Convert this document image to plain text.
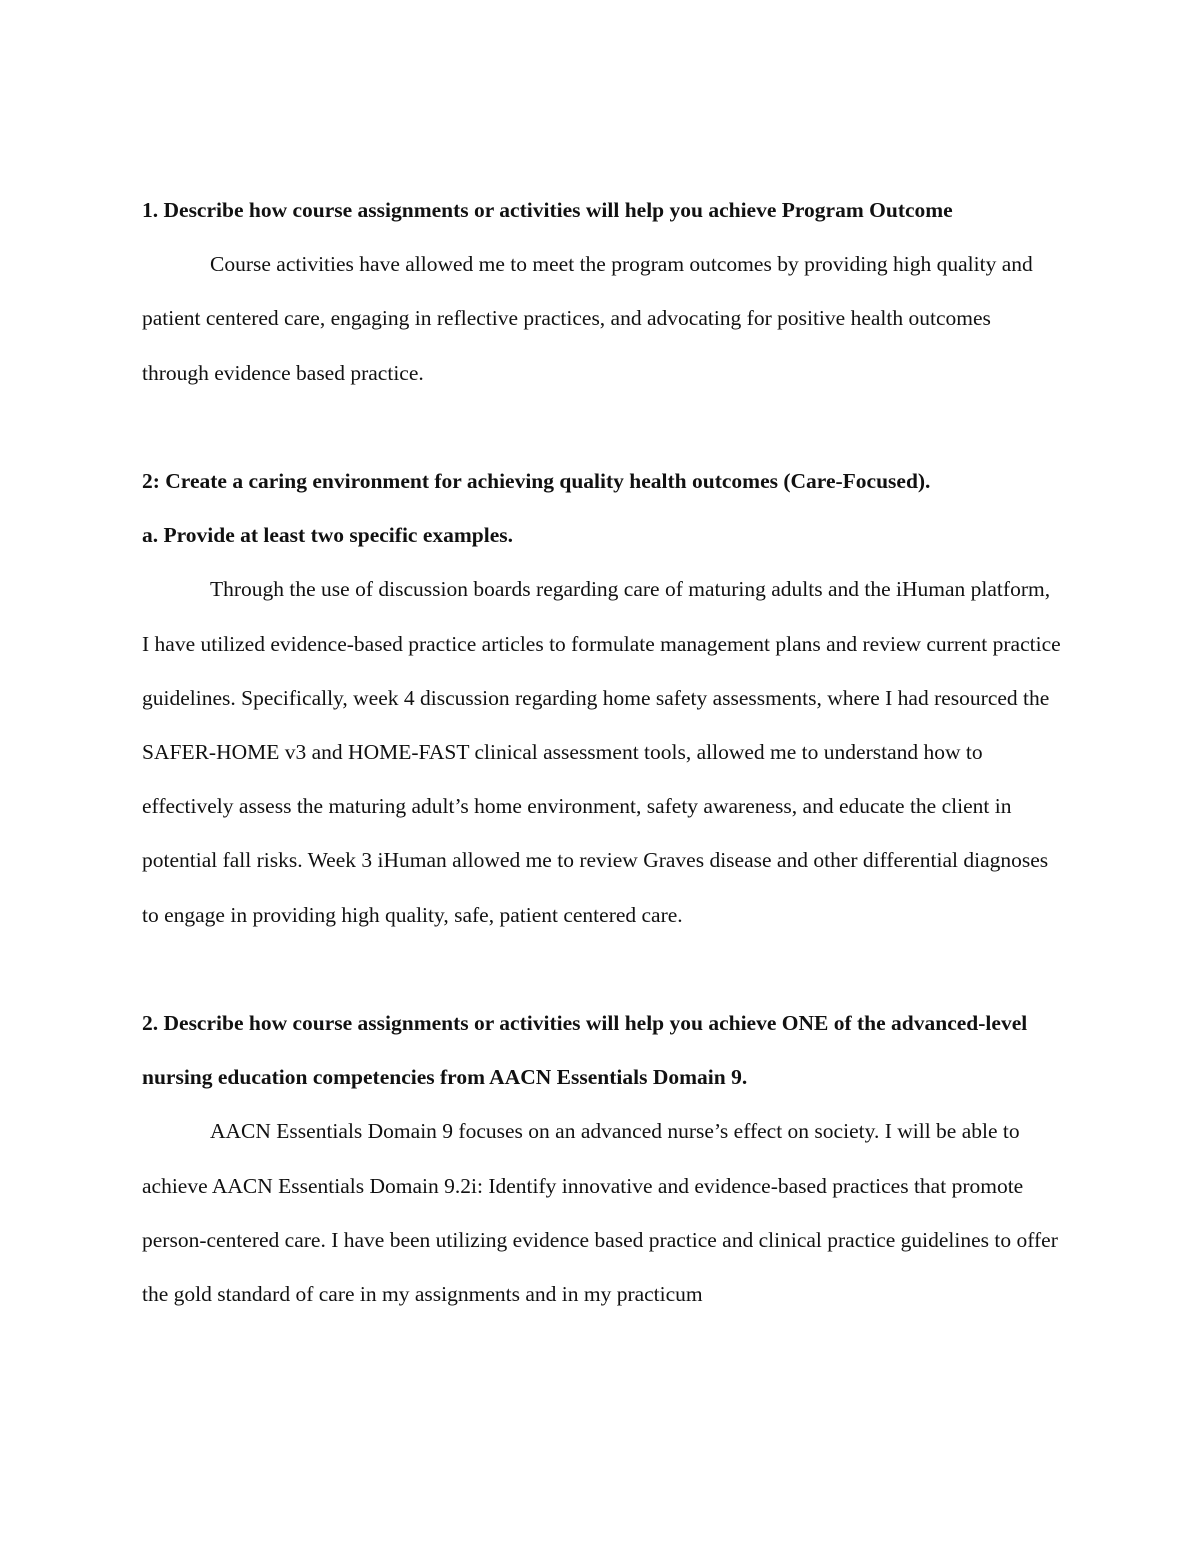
1. Describe how course assignments or activities will help you achieve Program Outcome

Course activities have allowed me to meet the program outcomes by providing high quality and patient centered care, engaging in reflective practices, and advocating for positive health outcomes through evidence based practice.

2: Create a caring environment for achieving quality health outcomes (Care-Focused).

a. Provide at least two specific examples.

Through the use of discussion boards regarding care of maturing adults and the iHuman platform, I have utilized evidence-based practice articles to formulate management plans and review current practice guidelines. Specifically, week 4 discussion regarding home safety assessments, where I had resourced the SAFER-HOME v3 and HOME-FAST clinical assessment tools, allowed me to understand how to effectively assess the maturing adult’s home environment, safety awareness, and educate the client in potential fall risks. Week 3 iHuman allowed me to review Graves disease and other differential diagnoses to engage in providing high quality, safe, patient centered care.

2. Describe how course assignments or activities will help you achieve ONE of the advanced-level nursing education competencies from AACN Essentials Domain 9.

AACN Essentials Domain 9 focuses on an advanced nurse’s effect on society. I will be able to achieve AACN Essentials Domain 9.2i: Identify innovative and evidence-based practices that promote person-centered care. I have been utilizing evidence based practice and clinical practice guidelines to offer the gold standard of care in my assignments and in my practicum
